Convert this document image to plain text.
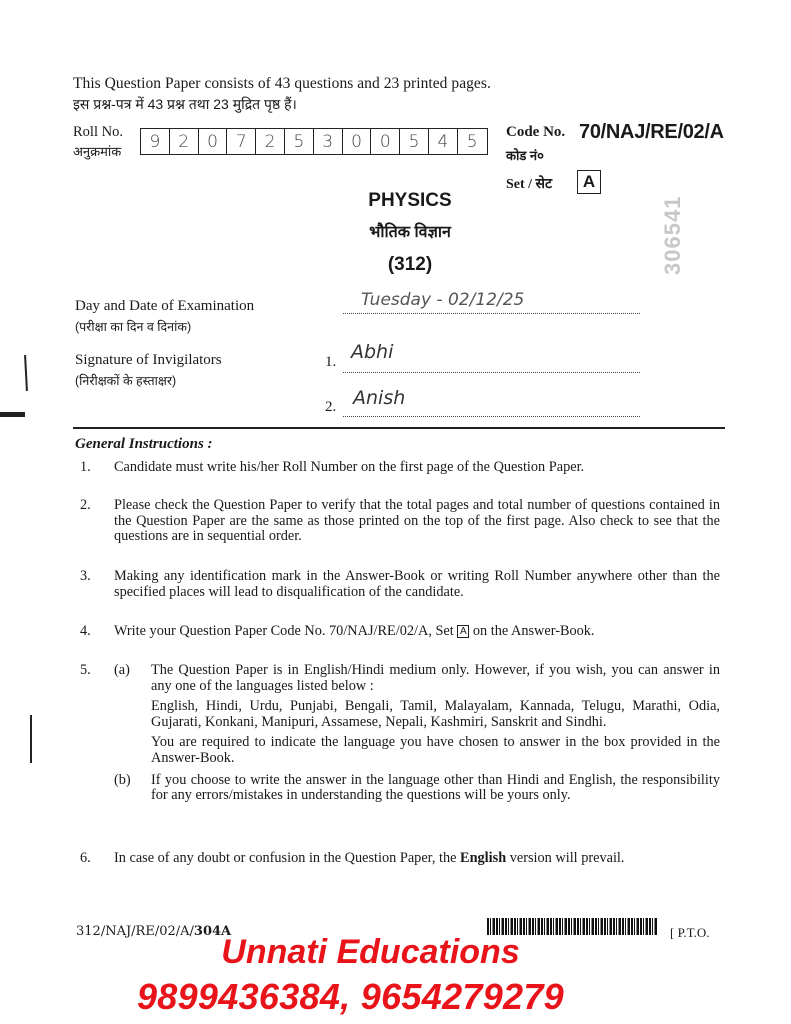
This Question Paper consists of 43 questions and 23 printed pages.
इस प्रश्न-पत्र में 43 प्रश्न तथा 23 मुद्रित पृष्ठ हैं।
Roll No.
अनुक्रमांक	9	2	0	7	2	5	3	0	0	5	4	5	Code No. 70/NAJ/RE/02/A
कोड नं०
Set / सेट	A
306541
PHYSICS
भौतिक विज्ञान
(312)
Day and Date of Examination
(परीक्षा का दिन व दिनांक)
Tuesday - 02/12/25
Signature of Invigilators
(निरीक्षकों के हस्ताक्षर)
1. Abhi
2. Anish
General Instructions :
1.	Candidate must write his/her Roll Number on the first page of the Question Paper.
2.	Please check the Question Paper to verify that the total pages and total number of questions contained in the Question Paper are the same as those printed on the top of the first page. Also check to see that the questions are in sequential order.
3.	Making any identification mark in the Answer-Book or writing Roll Number anywhere other than the specified places will lead to disqualification of the candidate.
4.	Write your Question Paper Code No. 70/NAJ/RE/02/A, Set A on the Answer-Book.
5.	(a) The Question Paper is in English/Hindi medium only. However, if you wish, you can answer in any one of the languages listed below :
English, Hindi, Urdu, Punjabi, Bengali, Tamil, Malayalam, Kannada, Telugu, Marathi, Odia, Gujarati, Konkani, Manipuri, Assamese, Nepali, Kashmiri, Sanskrit and Sindhi.
You are required to indicate the language you have chosen to answer in the box provided in the Answer-Book.
(b) If you choose to write the answer in the language other than Hindi and English, the responsibility for any errors/mistakes in understanding the questions will be yours only.
6.	In case of any doubt or confusion in the Question Paper, the English version will prevail.
312/NAJ/RE/02/A/304A	[ P.T.O.
Unnati Educations
9899436384, 9654279279
